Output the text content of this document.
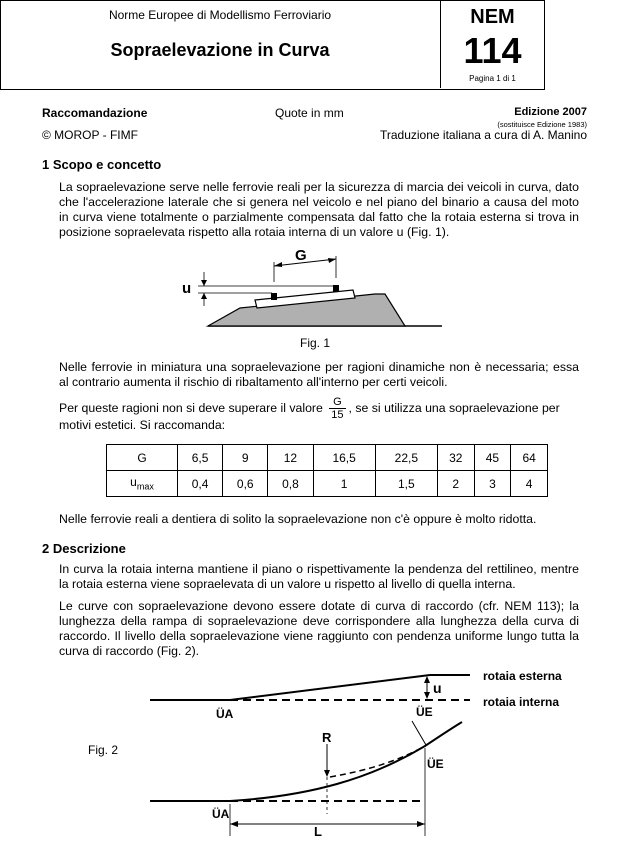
Norme Europee di Modellismo Ferroviario
Sopraelevazione in Curva
NEM
114
Pagina 1 di 1
Raccomandazione	Quote in mm	Edizione 2007
(sostituisce Edizione 1983)
© MOROP - FIMF	Traduzione italiana a cura di A. Manino
1 Scopo e concetto

La sopraelevazione serve nelle ferrovie reali per la sicurezza di marcia dei veicoli in curva, dato che l'accelerazione laterale che si genera nel veicolo e nel piano del binario a causa del moto in curva viene totalmente o parzialmente compensata dal fatto che la rotaia esterna si trova in posizione sopraelevata rispetto alla rotaia interna di un valore u (Fig. 1).

G
u
Fig. 1

Nelle ferrovie in miniatura una sopraelevazione per ragioni dinamiche non è necessaria; essa al contrario aumenta il rischio di ribaltamento all'interno per certi veicoli.

Per queste ragioni non si deve superare il valore $\frac{G}{15}$ , se si utilizza una sopraelevazione per
motivi estetici. Si raccomanda:
G	6,5	9	12	16,5	22,5	32	45	64
$u_{max}$	0,4	0,6	0,8	1	1,5	2	3	4

Nelle ferrovie reali a dentiera di solito la sopraelevazione non c'è oppure è molto ridotta.

2 Descrizione

In curva la rotaia interna mantiene il piano o rispettivamente la pendenza del rettilineo, mentre la rotaia esterna viene sopraelevata di un valore u rispetto al livello di quella interna.

Le curve con sopraelevazione devono essere dotate di curva di raccordo (cfr. NEM 113); la lunghezza della rampa di sopraelevazione deve corrispondere alla lunghezza della curva di raccordo. Il livello della sopraelevazione viene raggiunto con pendenza uniforme lungo tutta la curva di raccordo (Fig. 2).

Fig. 2
u
rotaia esterna
rotaia interna
ÜA	ÜE
R
ÜE
ÜA
L
